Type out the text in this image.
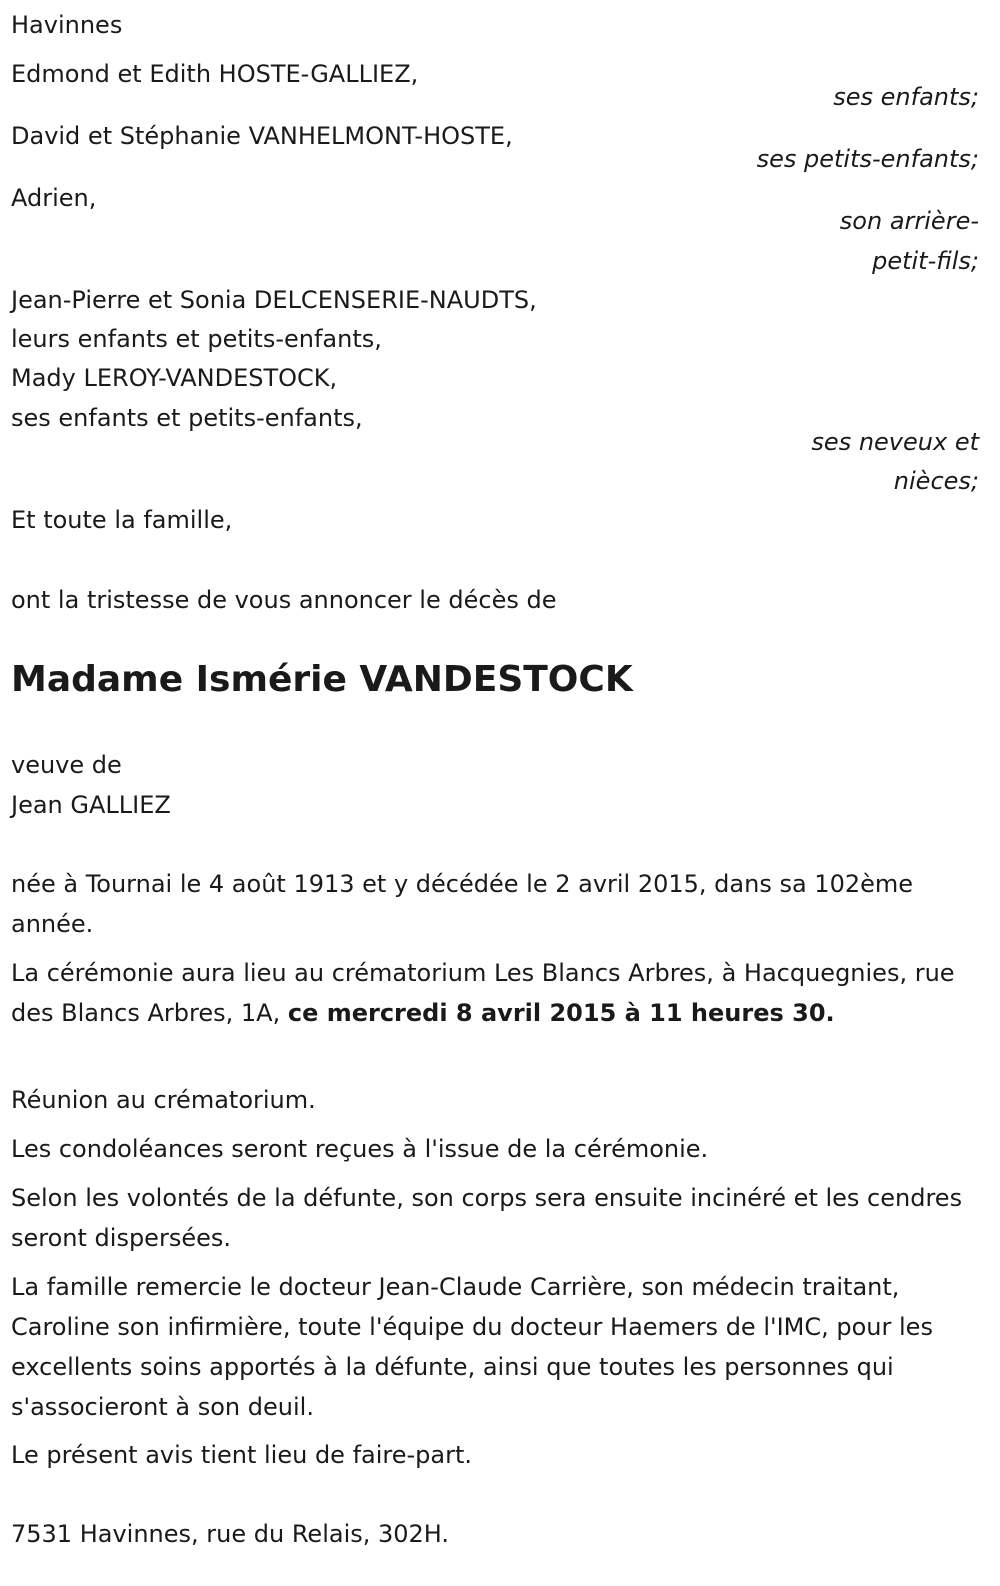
Havinnes

Edmond et Edith HOSTE-GALLIEZ,

ses enfants;

David et Stéphanie VANHELMONT-HOSTE,

ses petits-enfants;

Adrien,

son arrière-

petit-fils;

Jean-Pierre et Sonia DELCENSERIE-NAUDTS,

leurs enfants et petits-enfants,

Mady LEROY-VANDESTOCK,

ses enfants et petits-enfants,

ses neveux et

nièces;

Et toute la famille,

ont la tristesse de vous annoncer le décès de

Madame Ismérie VANDESTOCK

veuve de

Jean GALLIEZ

née à Tournai le 4 août 1913 et y décédée le 2 avril 2015, dans sa 102ème année.

La cérémonie aura lieu au crématorium Les Blancs Arbres, à Hacquegnies, rue des Blancs Arbres, 1A, ce mercredi 8 avril 2015 à 11 heures 30.

Réunion au crématorium.

Les condoléances seront reçues à l'issue de la cérémonie.

Selon les volontés de la défunte, son corps sera ensuite incinéré et les cendres seront dispersées.

La famille remercie le docteur Jean-Claude Carrière, son médecin traitant, Caroline son infirmière, toute l'équipe du docteur Haemers de l'IMC, pour les excellents soins apportés à la défunte, ainsi que toutes les personnes qui s'associeront à son deuil.

Le présent avis tient lieu de faire-part.

7531 Havinnes, rue du Relais, 302H.
